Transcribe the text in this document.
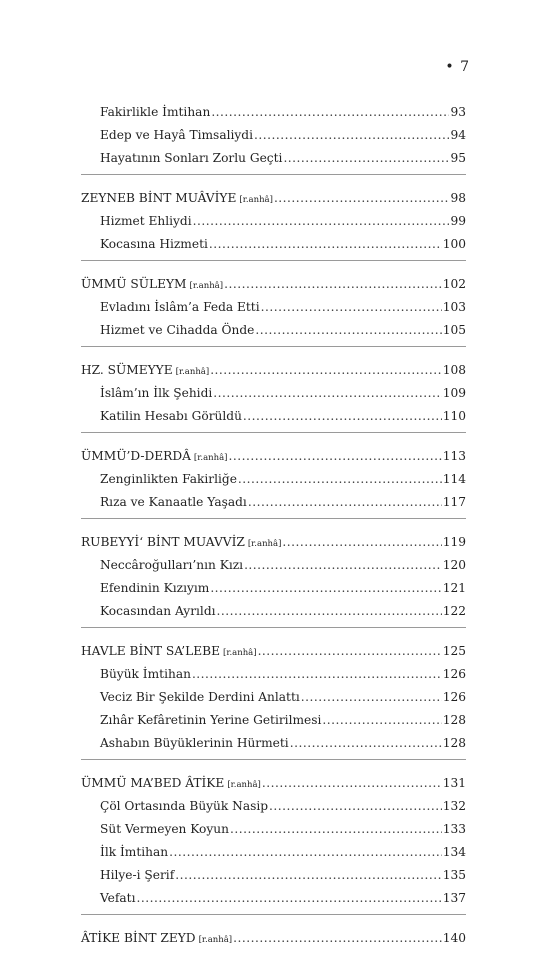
• 7
Fakirlikle İmtihan .....	93
Edep ve Hayâ Timsaliydi .....	94
Hayatının Sonları Zorlu Geçti .....	95
ZEYNEB BİNT MUÂVİYE [r.anhâ] .....	98
Hizmet Ehliydi .....	99
Kocasına Hizmeti .....	100
ÜMMÜ SÜLEYM [r.anhâ] .....	102
Evladını İslâm’a Feda Etti .....	103
Hizmet ve Cihadda Önde .....	105
HZ. SÜMEYYE [r.anhâ] .....	108
İslâm’ın İlk Şehidi .....	109
Katilin Hesabı Görüldü .....	110
ÜMMÜ’D-DERDÂ [r.anhâ] .....	113
Zenginlikten Fakirliğe .....	114
Rıza ve Kanaatle Yaşadı .....	117
RUBEYYİ‘ BİNT MUAVVİZ [r.anhâ] .....	119
Neccâroğulları’nın Kızı .....	120
Efendinin Kızıyım .....	121
Kocasından Ayrıldı .....	122
HAVLE BİNT SA’LEBE [r.anhâ] .....	125
Büyük İmtihan .....	126
Veciz Bir Şekilde Derdini Anlattı .....	126
Zıhâr Kefâretinin Yerine Getirilmesi .....	128
Ashabın Büyüklerinin Hürmeti .....	128
ÜMMÜ MA’BED ÂTİKE [r.anhâ] .....	131
Çöl Ortasında Büyük Nasip .....	132
Süt Vermeyen Koyun .....	133
İlk İmtihan .....	134
Hilye-i Şerif .....	135
Vefatı .....	137
ÂTİKE BİNT ZEYD [r.anhâ] .....	140
